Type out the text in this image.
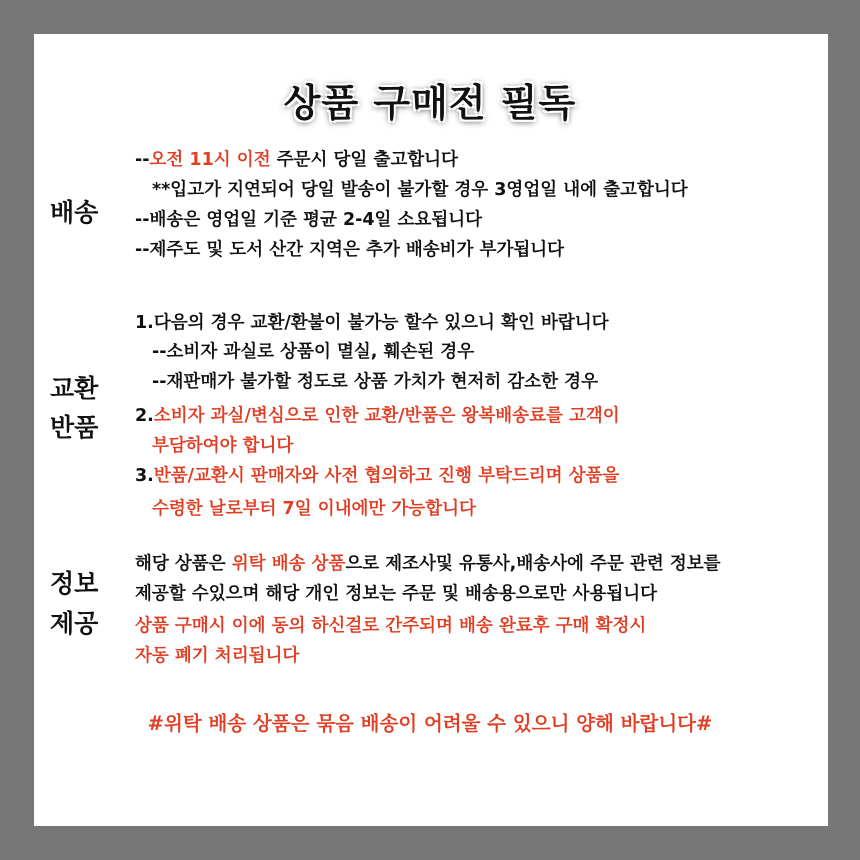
상품 구매전 필독
배송
--오전 11시 이전 주문시 당일 출고합니다
**입고가 지연되어 당일 발송이 불가할 경우 3영업일 내에 출고합니다
--배송은 영업일 기준 평균 2-4일 소요됩니다
--제주도 및 도서 산간 지역은 추가 배송비가 부가됩니다
교환
반품
1.다음의 경우 교환/환불이 불가능 할수 있으니 확인 바랍니다
--소비자 과실로 상품이 멸실, 훼손된 경우
--재판매가 불가할 정도로 상품 가치가 현저히 감소한 경우
2.소비자 과실/변심으로 인한 교환/반품은 왕복배송료를 고객이
부담하여야 합니다
3.반품/교환시 판매자와 사전 협의하고 진행 부탁드리며 상품을
수령한 날로부터 7일 이내에만 가능합니다
정보
제공
해당 상품은 위탁 배송 상품으로 제조사및 유통사,배송사에 주문 관련 정보를
제공할 수있으며 해당 개인 정보는 주문 및 배송용으로만 사용됩니다
상품 구매시 이에 동의 하신걸로 간주되며 배송 완료후 구매 확정시
자동 폐기 처리됩니다
#위탁 배송 상품은 묶음 배송이 어려울 수 있으니 양해 바랍니다#
